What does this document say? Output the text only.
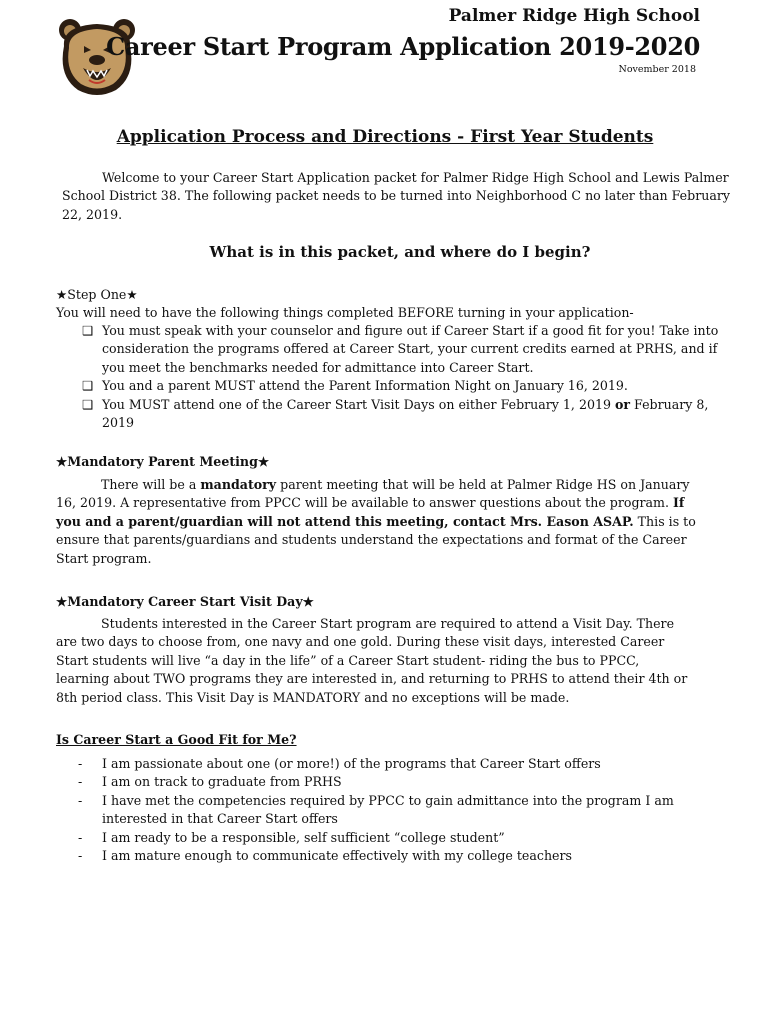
Palmer Ridge High School
Career Start Program Application 2019-2020
November 2018
Application Process and Directions - First Year Students

Welcome to your Career Start Application packet for Palmer Ridge High School and Lewis Palmer School District 38. The following packet needs to be turned into Neighborhood C no later than February 22, 2019.

What is in this packet, and where do I begin?
★Step One★
You will need to have the following things completed BEFORE turning in your application-
❑ You must speak with your counselor and figure out if Career Start if a good fit for you! Take into consideration the programs offered at Career Start, your current credits earned at PRHS, and if you meet the benchmarks needed for admittance into Career Start.
❑ You and a parent MUST attend the Parent Information Night on January 16, 2019.
❑ You MUST attend one of the Career Start Visit Days on either February 1, 2019 or February 8, 2019
★Mandatory Parent Meeting★

There will be a mandatory parent meeting that will be held at Palmer Ridge HS on January 16, 2019. A representative from PPCC will be available to answer questions about the program. If you and a parent/guardian will not attend this meeting, contact Mrs. Eason ASAP. This is to ensure that parents/guardians and students understand the expectations and format of the Career Start program.

★Mandatory Career Start Visit Day★

Students interested in the Career Start program are required to attend a Visit Day. There are two days to choose from, one navy and one gold. During these visit days, interested Career Start students will live “a day in the life” of a Career Start student- riding the bus to PPCC, learning about TWO programs they are interested in, and returning to PRHS to attend their 4th or 8th period class. This Visit Day is MANDATORY and no exceptions will be made.

Is Career Start a Good Fit for Me?
- I am passionate about one (or more!) of the programs that Career Start offers
- I am on track to graduate from PRHS
- I have met the competencies required by PPCC to gain admittance into the program I am interested in that Career Start offers
- I am ready to be a responsible, self sufficient “college student”
- I am mature enough to communicate effectively with my college teachers
